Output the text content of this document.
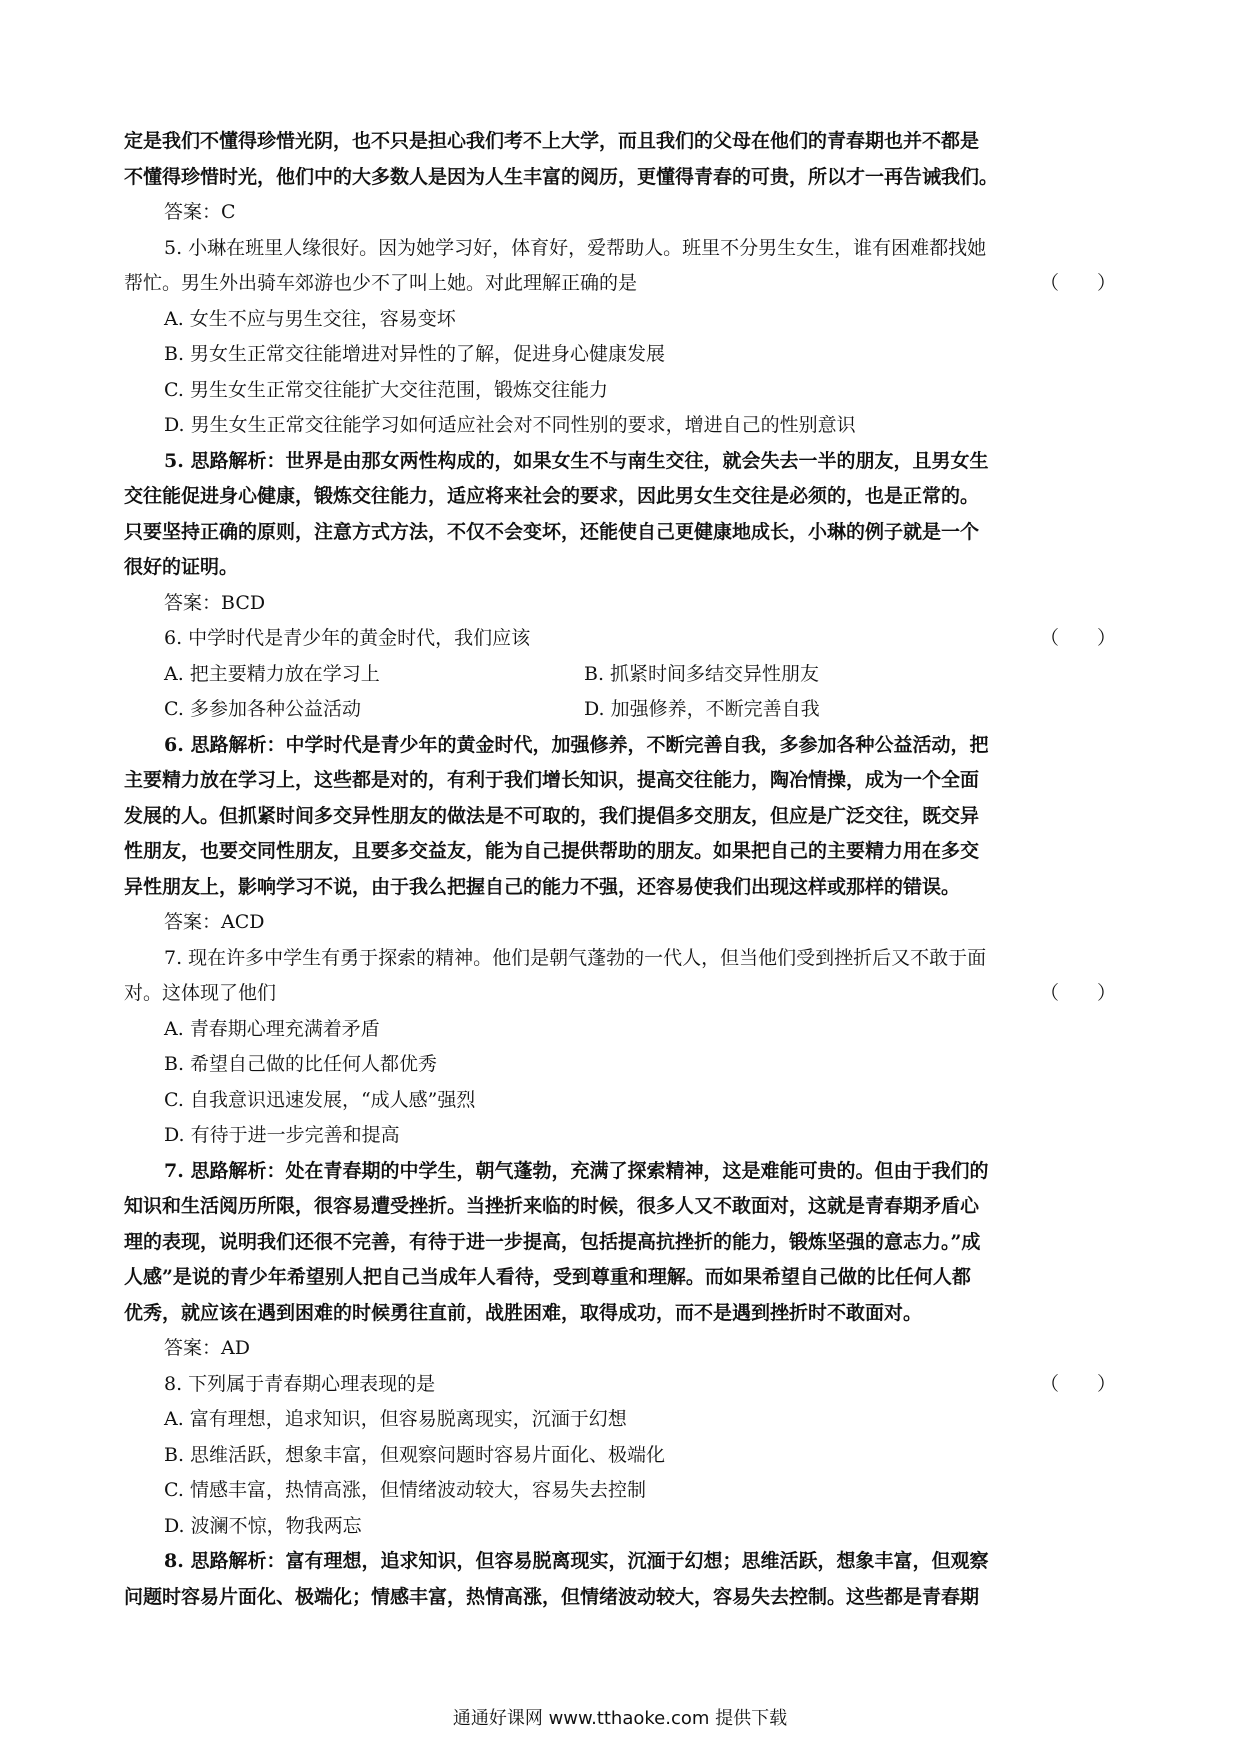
定是我们不懂得珍惜光阴，也不只是担心我们考不上大学，而且我们的父母在他们的青春期也并不都是
不懂得珍惜时光，他们中的大多数人是因为人生丰富的阅历，更懂得青春的可贵，所以才一再告诫我们。
答案：C
5. 小琳在班里人缘很好。因为她学习好，体育好，爱帮助人。班里不分男生女生，谁有困难都找她
帮忙。男生外出骑车郊游也少不了叫上她。对此理解正确的是	（　　）
A. 女生不应与男生交往，容易变坏
B. 男女生正常交往能增进对异性的了解，促进身心健康发展
C. 男生女生正常交往能扩大交往范围，锻炼交往能力
D. 男生女生正常交往能学习如何适应社会对不同性别的要求，增进自己的性别意识
5. 思路解析：世界是由那女两性构成的，如果女生不与南生交往，就会失去一半的朋友，且男女生
交往能促进身心健康，锻炼交往能力，适应将来社会的要求，因此男女生交往是必须的，也是正常的。
只要坚持正确的原则，注意方式方法，不仅不会变坏，还能使自己更健康地成长，小琳的例子就是一个
很好的证明。
答案：BCD
6. 中学时代是青少年的黄金时代，我们应该	（　　）
A. 把主要精力放在学习上	B. 抓紧时间多结交异性朋友
C. 多参加各种公益活动	D. 加强修养，不断完善自我
6. 思路解析：中学时代是青少年的黄金时代，加强修养，不断完善自我，多参加各种公益活动，把
主要精力放在学习上，这些都是对的，有利于我们增长知识，提高交往能力，陶冶情操，成为一个全面
发展的人。但抓紧时间多交异性朋友的做法是不可取的，我们提倡多交朋友，但应是广泛交往，既交异
性朋友，也要交同性朋友，且要多交益友，能为自己提供帮助的朋友。如果把自己的主要精力用在多交
异性朋友上，影响学习不说，由于我么把握自己的能力不强，还容易使我们出现这样或那样的错误。
答案：ACD
7. 现在许多中学生有勇于探索的精神。他们是朝气蓬勃的一代人，但当他们受到挫折后又不敢于面
对。这体现了他们	（　　）
A. 青春期心理充满着矛盾
B. 希望自己做的比任何人都优秀
C. 自我意识迅速发展，“成人感”强烈
D. 有待于进一步完善和提高
7. 思路解析：处在青春期的中学生，朝气蓬勃，充满了探索精神，这是难能可贵的。但由于我们的
知识和生活阅历所限，很容易遭受挫折。当挫折来临的时候，很多人又不敢面对，这就是青春期矛盾心
理的表现，说明我们还很不完善，有待于进一步提高，包括提高抗挫折的能力，锻炼坚强的意志力。”成
人感”是说的青少年希望别人把自己当成年人看待，受到尊重和理解。而如果希望自己做的比任何人都
优秀，就应该在遇到困难的时候勇往直前，战胜困难，取得成功，而不是遇到挫折时不敢面对。
答案：AD
8. 下列属于青春期心理表现的是	（　　）
A. 富有理想，追求知识，但容易脱离现实，沉湎于幻想
B. 思维活跃，想象丰富，但观察问题时容易片面化、极端化
C. 情感丰富，热情高涨，但情绪波动较大，容易失去控制
D. 波澜不惊，物我两忘
8. 思路解析：富有理想，追求知识，但容易脱离现实，沉湎于幻想；思维活跃，想象丰富，但观察
问题时容易片面化、极端化；情感丰富，热情高涨，但情绪波动较大，容易失去控制。这些都是青春期
通通好课网 www.tthaoke.com 提供下载
